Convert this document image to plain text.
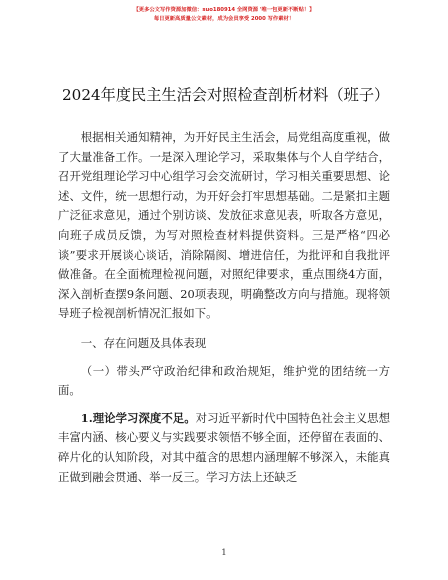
【更多公文写作资源加微信：suo180914 全网资源 '唯一包更新不断贴！】
每日更新高质量公文素材，成为会员享受 2000 写作素材！
2024年度民主生活会对照检查剖析材料（班子）

根据相关通知精神，为开好民主生活会，局党组高度重视，做了大量准备工作。一是深入理论学习，采取集体与个人自学结合，召开党组理论学习中心组学习会交流研讨，学习相关重要思想、论述、文件，统一思想行动，为开好会打牢思想基础。二是紧扣主题广泛征求意见，通过个别访谈、发放征求意见表，听取各方意见，向班子成员反馈，为写对照检查材料提供资料。三是严格“四必谈”要求开展谈心谈话，消除隔阂、增进信任，为批评和自我批评做准备。在全面梳理检视问题，对照纪律要求，重点围绕4方面，深入剖析查摆9条问题、20项表现，明确整改方向与措施。现将领导班子检视剖析情况汇报如下。

一、存在问题及具体表现

（一）带头严守政治纪律和政治规矩，维护党的团结统一方面。

1.理论学习深度不足。对习近平新时代中国特色社会主义思想丰富内涵、核心要义与实践要求领悟不够全面，还停留在表面的、碎片化的认知阶段，对其中蕴含的思想内涵理解不够深入，未能真正做到融会贯通、举一反三。学习方法上还缺乏

1
